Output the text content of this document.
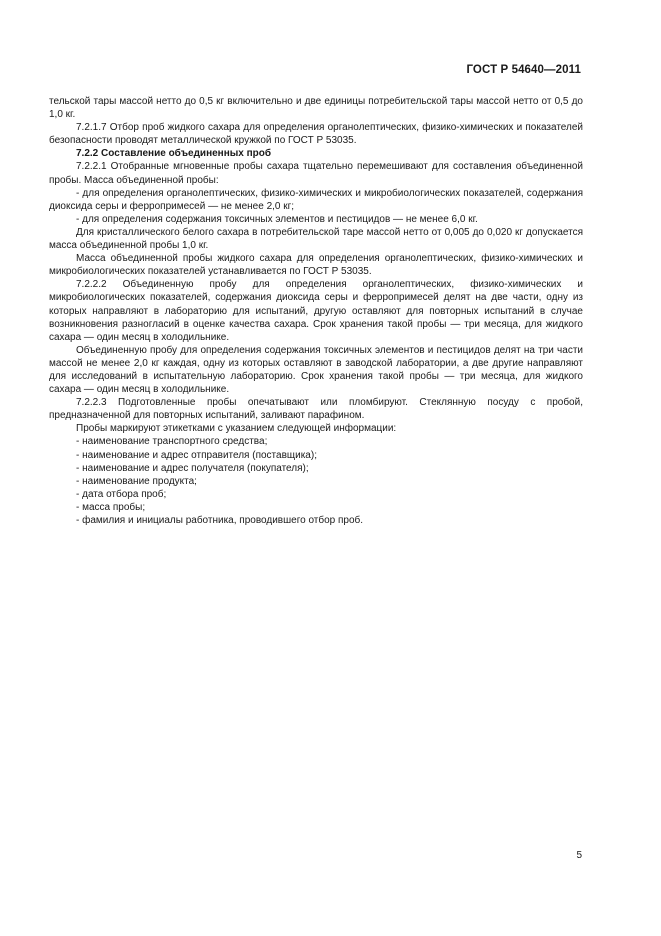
ГОСТ Р 54640—2011

тельской тары массой нетто до 0,5 кг включительно и две единицы потребительской тары массой нетто от 0,5 до 1,0 кг.

7.2.1.7 Отбор проб жидкого сахара для определения органолептических, физико-химических и показателей безопасности проводят металлической кружкой по ГОСТ Р 53035.

7.2.2 Составление объединенных проб

7.2.2.1 Отобранные мгновенные пробы сахара тщательно перемешивают для составления объединенной пробы. Масса объединенной пробы:

- для определения органолептических, физико-химических и микробиологических показателей, содержания диоксида серы и ферропримесей — не менее 2,0 кг;

- для определения содержания токсичных элементов и пестицидов — не менее 6,0 кг.

Для кристаллического белого сахара в потребительской таре массой нетто от 0,005 до 0,020 кг допускается масса объединенной пробы 1,0 кг.

Масса объединенной пробы жидкого сахара для определения органолептических, физико-химических и микробиологических показателей устанавливается по ГОСТ Р 53035.

7.2.2.2 Объединенную пробу для определения органолептических, физико-химических и микробиологических показателей, содержания диоксида серы и ферропримесей делят на две части, одну из которых направляют в лабораторию для испытаний, другую оставляют для повторных испытаний в случае возникновения разногласий в оценке качества сахара. Срок хранения такой пробы — три месяца, для жидкого сахара — один месяц в холодильнике.

Объединенную пробу для определения содержания токсичных элементов и пестицидов делят на три части массой не менее 2,0 кг каждая, одну из которых оставляют в заводской лаборатории, а две другие направляют для исследований в испытательную лабораторию. Срок хранения такой пробы — три месяца, для жидкого сахара — один месяц в холодильнике.

7.2.2.3 Подготовленные пробы опечатывают или пломбируют. Стеклянную посуду с пробой, предназначенной для повторных испытаний, заливают парафином.

Пробы маркируют этикетками с указанием следующей информации:

- наименование транспортного средства;

- наименование и адрес отправителя (поставщика);

- наименование и адрес получателя (покупателя);

- наименование продукта;

- дата отбора проб;

- масса пробы;

- фамилия и инициалы работника, проводившего отбор проб.

5
